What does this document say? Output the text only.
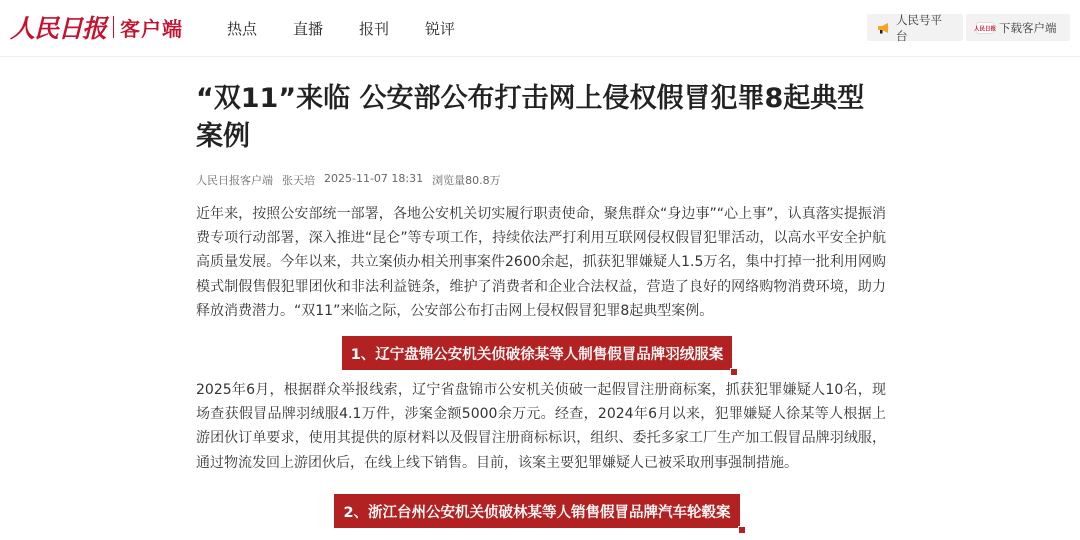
人民日报 客户端	热点 直播 报刊 锐评
人民号平台	人民日报 下载客户端
“双11”来临 公安部公布打击网上侵权假冒犯罪8起典型案例
人民日报客户端 张天培 2025-11-07 18:31 浏览量80.8万

近年来，按照公安部统一部署，各地公安机关切实履行职责使命，聚焦群众“身边事”“心上事”，认真落实提振消费专项行动部署，深入推进“昆仑”等专项工作，持续依法严打利用互联网侵权假冒犯罪活动，以高水平安全护航高质量发展。今年以来，共立案侦办相关刑事案件2600余起，抓获犯罪嫌疑人1.5万名，集中打掉一批利用网购模式制假售假犯罪团伙和非法利益链条，维护了消费者和企业合法权益，营造了良好的网络购物消费环境，助力释放消费潜力。“双11”来临之际，公安部公布打击网上侵权假冒犯罪8起典型案例。

1、辽宁盘锦公安机关侦破徐某等人制售假冒品牌羽绒服案

2025年6月，根据群众举报线索，辽宁省盘锦市公安机关侦破一起假冒注册商标案，抓获犯罪嫌疑人10名，现场查获假冒品牌羽绒服4.1万件，涉案金额5000余万元。经查，2024年6月以来，犯罪嫌疑人徐某等人根据上游团伙订单要求，使用其提供的原材料以及假冒注册商标标识，组织、委托多家工厂生产加工假冒品牌羽绒服，通过物流发回上游团伙后，在线上线下销售。目前，该案主要犯罪嫌疑人已被采取刑事强制措施。

2、浙江台州公安机关侦破林某等人销售假冒品牌汽车轮毂案
